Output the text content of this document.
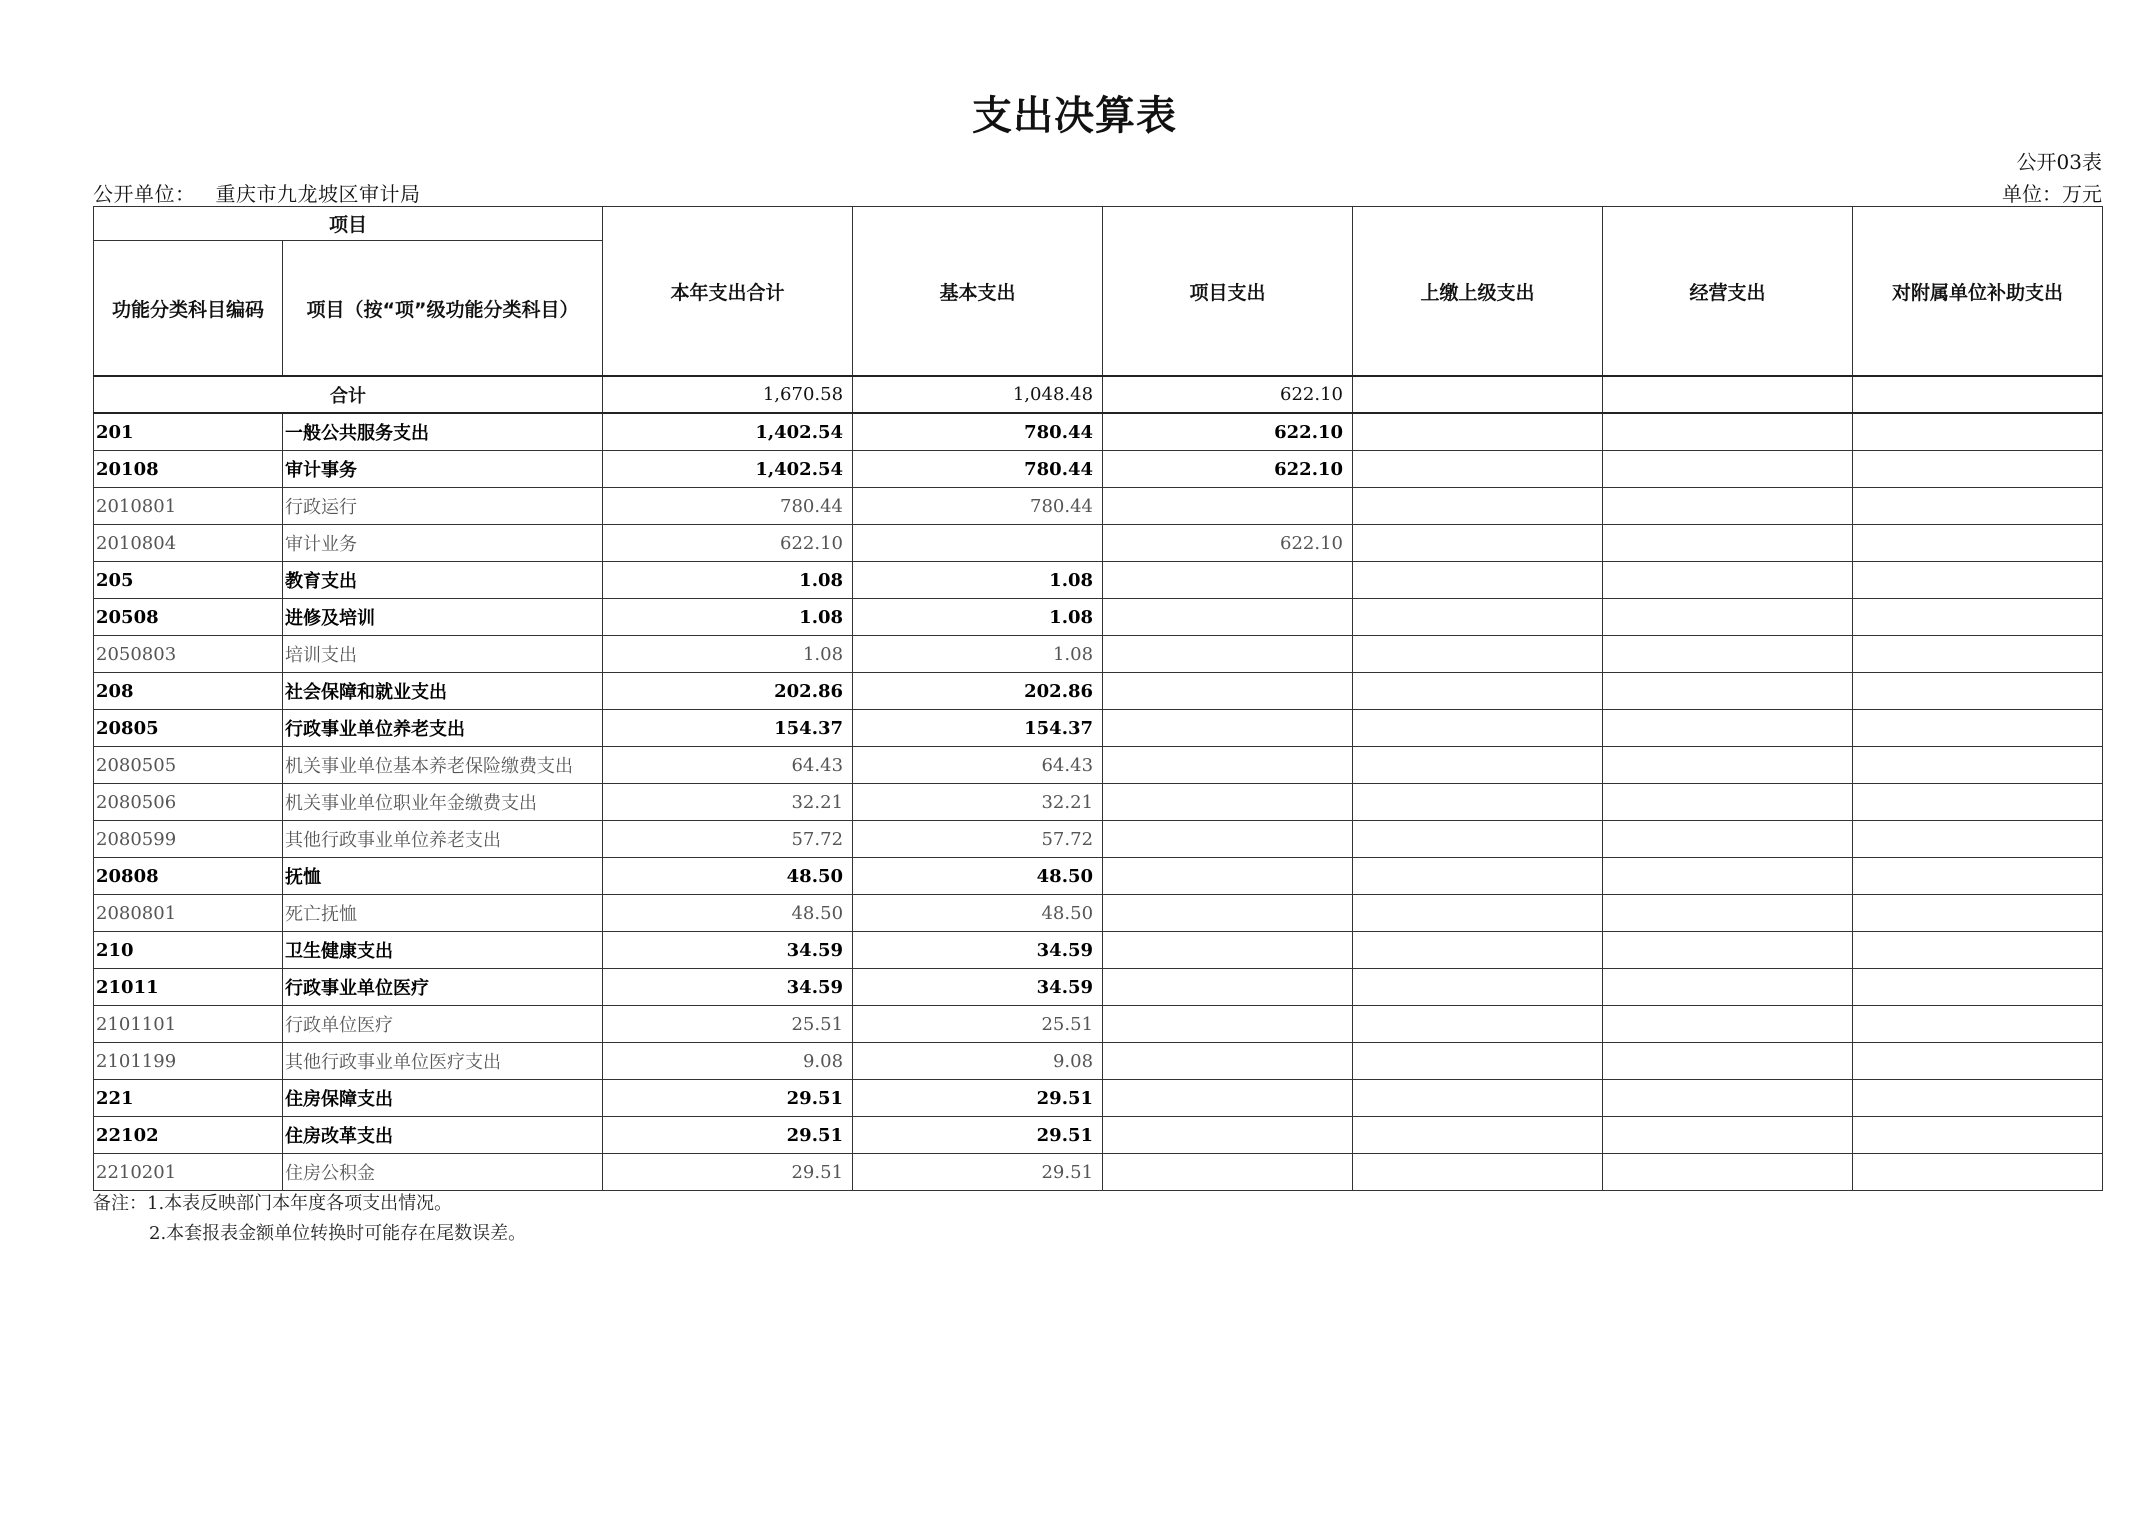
支出决算表
公开03表
公开单位： 重庆市九龙坡区审计局	单位：万元
项目		本年支出合计	基本支出	项目支出	上缴上级支出	经营支出	对附属单位补助支出
功能分类科目编码	项目（按“项”级功能分类科目）						
合计		1,670.58	1,048.48	622.10			
201	一般公共服务支出	1,402.54	780.44	622.10			
20108	审计事务	1,402.54	780.44	622.10			
2010801	行政运行	780.44	780.44				
2010804	审计业务	622.10		622.10			
205	教育支出	1.08	1.08				
20508	进修及培训	1.08	1.08				
2050803	培训支出	1.08	1.08				
208	社会保障和就业支出	202.86	202.86				
20805	行政事业单位养老支出	154.37	154.37				
2080505	机关事业单位基本养老保险缴费支出	64.43	64.43				
2080506	机关事业单位职业年金缴费支出	32.21	32.21				
2080599	其他行政事业单位养老支出	57.72	57.72				
20808	抚恤	48.50	48.50				
2080801	死亡抚恤	48.50	48.50				
210	卫生健康支出	34.59	34.59				
21011	行政事业单位医疗	34.59	34.59				
2101101	行政单位医疗	25.51	25.51				
2101199	其他行政事业单位医疗支出	9.08	9.08				
221	住房保障支出	29.51	29.51				
22102	住房改革支出	29.51	29.51				
2210201	住房公积金	29.51	29.51				
备注：1.本表反映部门本年度各项支出情况。
2.本套报表金额单位转换时可能存在尾数误差。
